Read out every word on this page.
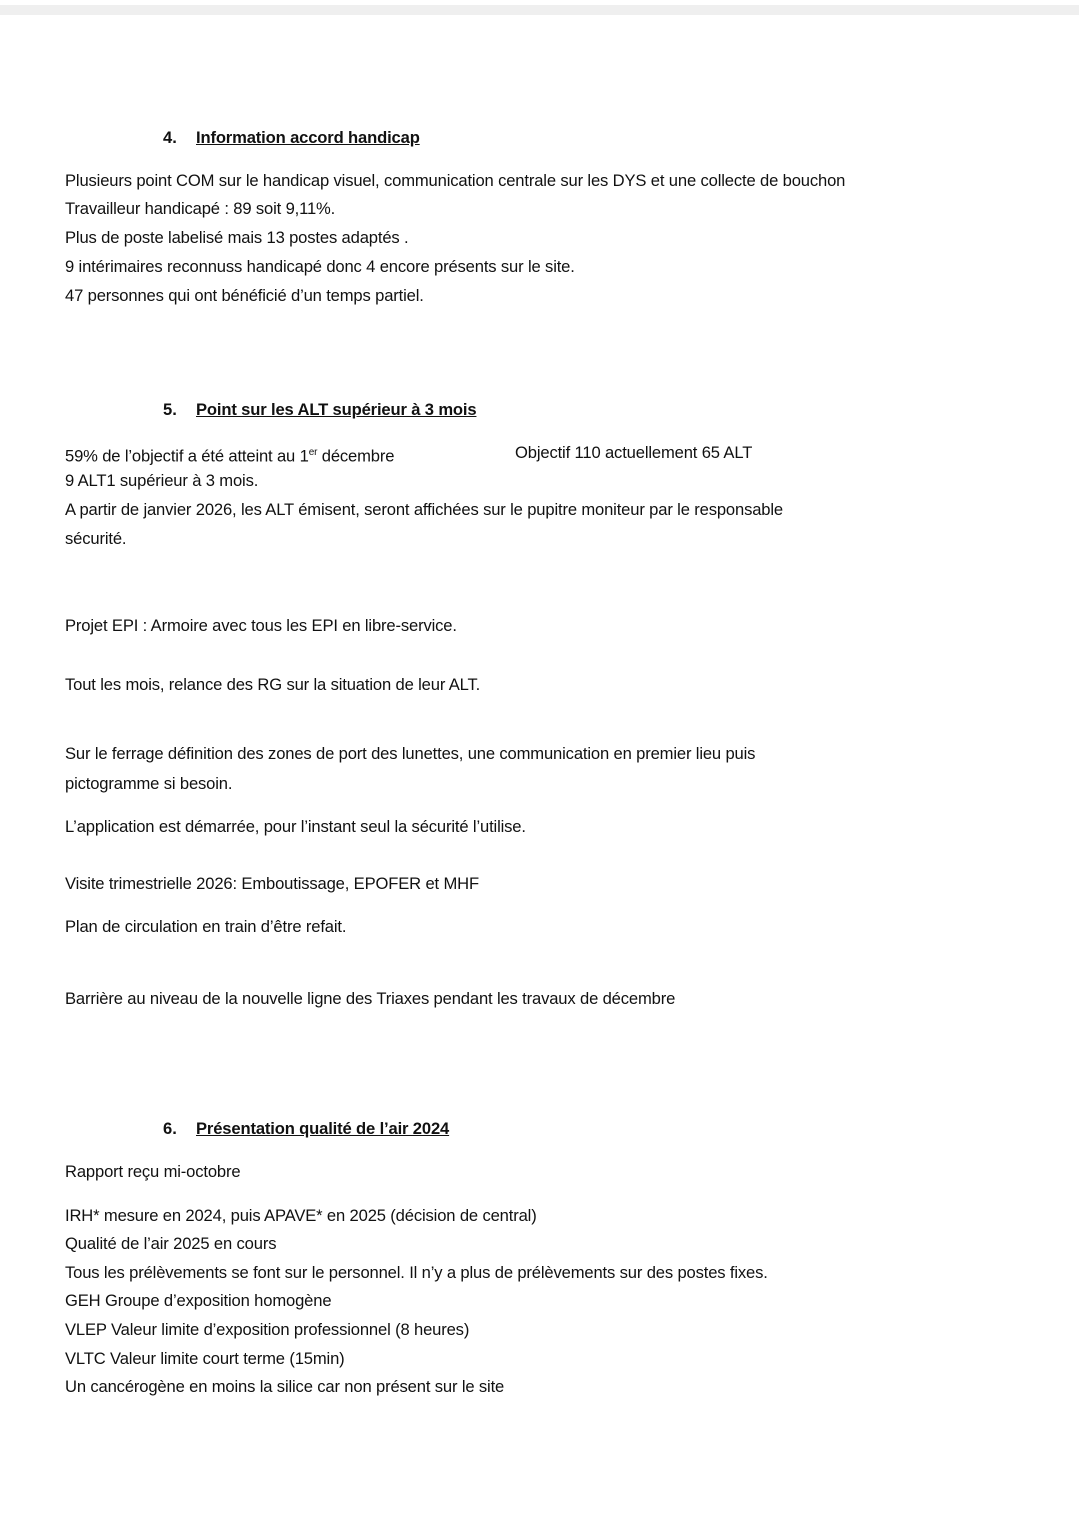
4. Information accord handicap
Plusieurs point COM sur le handicap visuel, communication centrale sur les DYS et une collecte de bouchon
Travailleur handicapé : 89 soit 9,11%.
Plus de poste labelisé mais 13 postes adaptés .
9 intérimaires reconnuss handicapé donc 4 encore présents sur le site.
47 personnes qui ont bénéficié d’un temps partiel.
5. Point sur les ALT supérieur à 3 mois
59% de l’objectif a été atteint au 1er décembre	Objectif 110 actuellement 65 ALT
9 ALT1 supérieur à 3 mois.
A partir de janvier 2026, les ALT émisent, seront affichées sur le pupitre moniteur par le responsable
sécurité.
Projet EPI : Armoire avec tous les EPI en libre-service.
Tout les mois, relance des RG sur la situation de leur ALT.
Sur le ferrage définition des zones de port des lunettes, une communication en premier lieu puis
pictogramme si besoin.
L’application est démarrée, pour l’instant seul la sécurité l’utilise.
Visite trimestrielle 2026: Emboutissage, EPOFER et MHF
Plan de circulation en train d’être refait.
Barrière au niveau de la nouvelle ligne des Triaxes pendant les travaux de décembre
6. Présentation qualité de l’air 2024
Rapport reçu mi-octobre
IRH* mesure en 2024, puis APAVE* en 2025 (décision de central)
Qualité de l’air 2025 en cours
Tous les prélèvements se font sur le personnel. Il n’y a plus de prélèvements sur des postes fixes.
GEH Groupe d’exposition homogène
VLEP Valeur limite d’exposition professionnel (8 heures)
VLTC Valeur limite court terme (15min)
Un cancérogène en moins la silice car non présent sur le site
